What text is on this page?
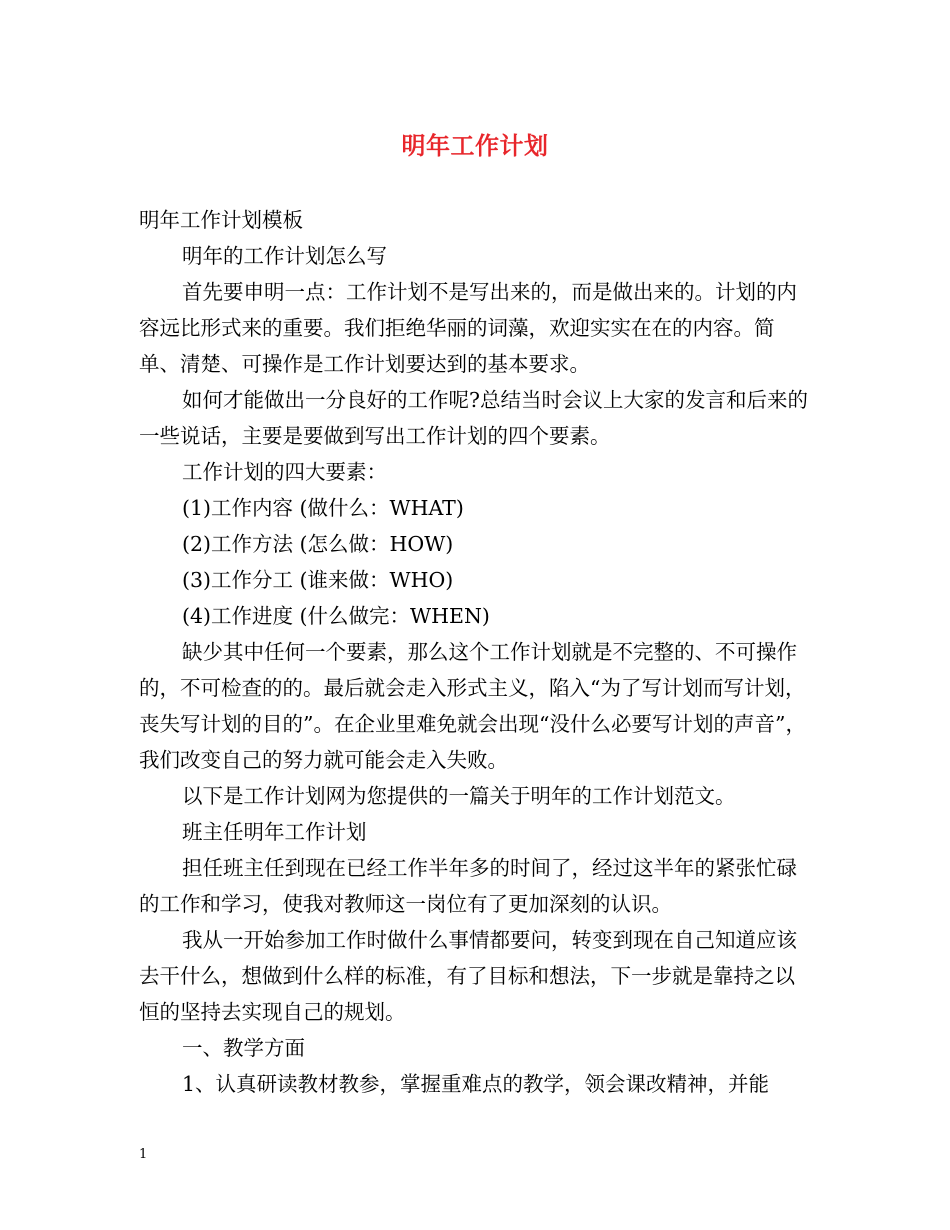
明年工作计划

明年工作计划模板

明年的工作计划怎么写

首先要申明一点：工作计划不是写出来的，而是做出来的。计划的内容远比形式来的重要。我们拒绝华丽的词藻，欢迎实实在在的内容。简单、清楚、可操作是工作计划要达到的基本要求。

如何才能做出一分良好的工作呢?总结当时会议上大家的发言和后来的一些说话，主要是要做到写出工作计划的四个要素。

工作计划的四大要素：

(1)工作内容 (做什么：WHAT)

(2)工作方法 (怎么做：HOW)

(3)工作分工 (谁来做：WHO)

(4)工作进度 (什么做完：WHEN)

缺少其中任何一个要素，那么这个工作计划就是不完整的、不可操作的，不可检查的的。最后就会走入形式主义，陷入“为了写计划而写计划，丧失写计划的目的”。在企业里难免就会出现“没什么必要写计划的声音”，我们改变自己的努力就可能会走入失败。

以下是工作计划网为您提供的一篇关于明年的工作计划范文。

班主任明年工作计划

担任班主任到现在已经工作半年多的时间了，经过这半年的紧张忙碌的工作和学习，使我对教师这一岗位有了更加深刻的认识。

我从一开始参加工作时做什么事情都要问，转变到现在自己知道应该去干什么，想做到什么样的标准，有了目标和想法，下一步就是靠持之以恒的坚持去实现自己的规划。

一、教学方面

1、认真研读教材教参，掌握重难点的教学，领会课改精神，并能

1
